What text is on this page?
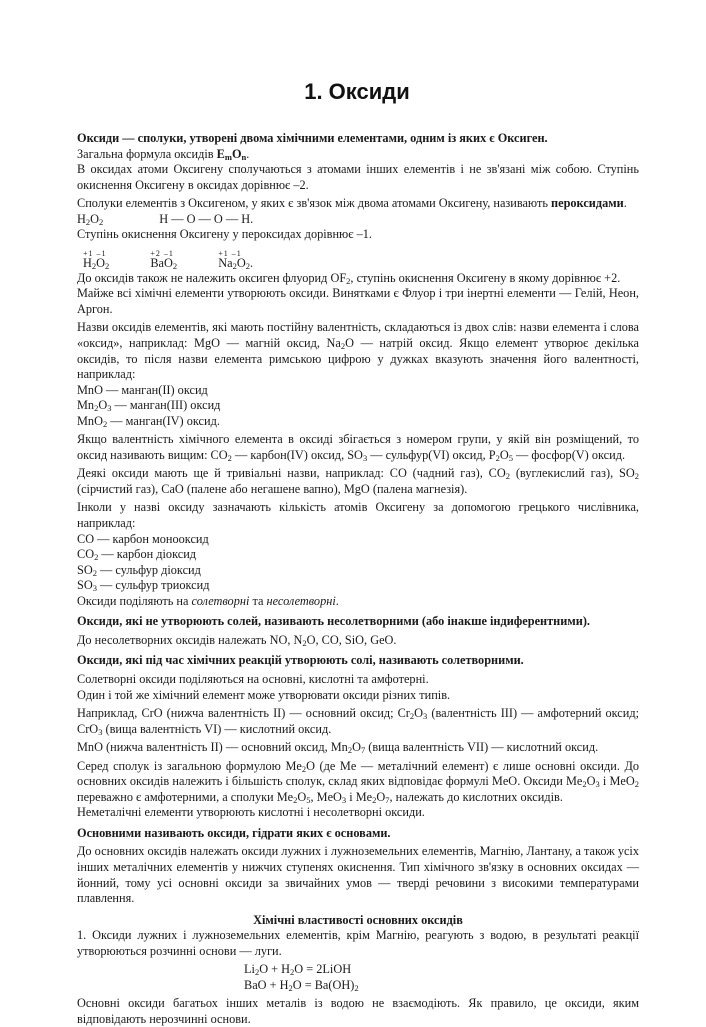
1. Оксиди

Оксиди — сполуки, утворені двома хімічними елементами, одним із яких є Оксиген.

Загальна формула оксидів $E_mO_n$.

В оксидах атоми Оксигену сполучаються з атомами інших елементів і не зв'язані між собою. Ступінь окиснення Оксигену в оксидах дорівнює –2.

Сполуки елементів з Оксигеном, у яких є зв'язок між двома атомами Оксигену, називають пероксидами.

$H_2O_2$	H — O — O — H.

Ступінь окиснення Оксигену у пероксидах дорівнює –1.

+1 –1
$H_2O_2$

+2 –1
BaO$_2$

+1 –1
$Na_2O_2$.

До оксидів також не належить оксиген флуорид $OF_2$, ступінь окиснення Оксигену в якому дорівнює +2.

Майже всі хімічні елементи утворюють оксиди. Винятками є Флуор і три інертні елементи — Гелій, Неон, Аргон.

Назви оксидів елементів, які мають постійну валентність, складаються із двох слів: назви елемента і слова «оксид», наприклад: MgO — магній оксид, $Na_2O$ — натрій оксид. Якщо елемент утворює декілька оксидів, то після назви елемента римською цифрою у дужках вказують значення його валентності, наприклад:

MnO — манган(II) оксид

$Mn_2O_3$ — манган(III) оксид

MnO$_2$ — манган(IV) оксид.

Якщо валентність хімічного елемента в оксиді збігається з номером групи, у якій він розміщений, то оксид називають вищим: $CO_2$ — карбон(IV) оксид, $SO_3$ — сульфур(VI) оксид, $P_2O_5$ — фосфор(V) оксид.

Деякі оксиди мають ще й тривіальні назви, наприклад: CO (чадний газ), $CO_2$ (вуглекислий газ), $SO_2$ (сірчистий газ), CaO (палене або негашене вапно), MgO (палена магнезія).

Інколи у назві оксиду зазначають кількість атомів Оксигену за допомогою грецького числівника, наприклад:

CO — карбон монооксид

$CO_2$ — карбон діоксид

$SO_2$ — сульфур діоксид

$SO_3$ — сульфур триоксид

Оксиди поділяють на солетворні та несолетворні.

Оксиди, які не утворюють солей, називають несолетворними (або інакше індиферентними).

До несолетворних оксидів належать NO, $N_2O$, CO, SiO, GeO.

Оксиди, які під час хімічних реакцій утворюють солі, називають солетворними.

Солетворні оксиди поділяються на основні, кислотні та амфотерні.

Один і той же хімічний елемент може утворювати оксиди різних типів.

Наприклад, CrO (нижча валентність II) — основний оксид; $Cr_2O_3$ (валентність III) — амфотерний оксид; CrO$_3$ (вища валентність VI) — кислотний оксид.

MnO (нижча валентність II) — основний оксид, $Mn_2O_7$ (вища валентність VII) — кислотний оксид.

Серед сполук із загальною формулою $Me_2O$ (де Me — металічний елемент) є лише основні оксиди. До основних оксидів належить і більшість сполук, склад яких відповідає формулі MeO. Оксиди $Me_2O_3$ і MeO$_2$ переважно є амфотерними, а сполуки $Me_2O_5$, MeO$_3$ і $Me_2O_7$, належать до кислотних оксидів.

Неметалічні елементи утворюють кислотні і несолетворні оксиди.

Основними називають оксиди, гідрати яких є основами.

До основних оксидів належать оксиди лужних і лужноземельних елементів, Магнію, Лантану, а також усіх інших металічних елементів у нижчих ступенях окиснення. Тип хімічного зв'язку в основних оксидах — йонний, тому усі основні оксиди за звичайних умов — тверді речовини з високими температурами плавлення.

Хімічні властивості основних оксидів

1. Оксиди лужних і лужноземельних елементів, крім Магнію, реагують з водою, в результаті реакції утворюються розчинні основи — луги.

$Li_2O + H_2O$ = 2LiOH

BaO + $H_2O = Ba(OH)_2$

Основні оксиди багатьох інших металів із водою не взаємодіють. Як правило, це оксиди, яким відповідають нерозчинні основи.
